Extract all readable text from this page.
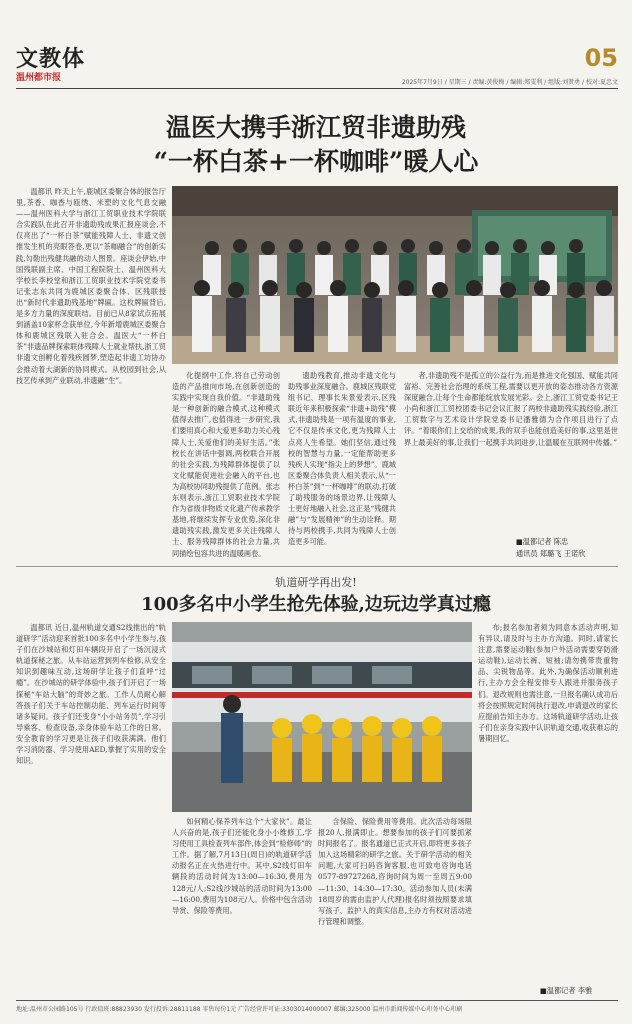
文教体
温州都市报
05
2025年7月9日 / 星期三 / 责编:黄俊梅 / 编辑:郑雯利 / 组版:刘贤勇 / 校对:夏忠文
温医大携手浙江贸非遗助残
“一杯白茶+一杯咖啡”暖人心

温都讯 昨天上午,鹿城区委聚合体的报告厅里,茶香、咖香与瓯绣、米塑的文化气息交融——温州医科大学与浙江工贸职业技术学院联合实践队在此召开非遗助残成果汇报座谈会,不仅亮出了“一杯白茶”赋能残障人士、非遗文创推发生机的亮眼答卷,更以“茶咖融合”的创新实践,勾勒出残健共融的动人图景。座谈会伊始,中国残联副主席、中国工程院院士、温州医科大学校长李校堂和浙江工贸职业技术学院党委书记张志东共同为鹿城区委聚合体、区残联授出“新时代非遗助残基地”牌匾。这枚牌匾背后,是多方力量的深度联结。目前已从8家试点拓展到涵盖10家杯念获单位,今年新增鹿城区委聚合体和鹿城区残联入驻合会。温医大“一杯白茶”非遗品牌探索联体残障人士就业帮扶,浙工贸非遗文创孵化着残疾圆梦,塑造起非遗工坊协办会推动着大湖新的协同模式。从校园到社会,从技艺传承到产业联动,非遗融“生”。

化提纲中工作,将自己劳动创造的产品推向市场,在创新创造的实践中实现自我价值。“非遗助残是一种创新的融合模式,这种模式值得去推广,也值得进一步研究,我们要用真心和大爱更多助力关心残障人士,关爱他们的美好生活。”张校长在讲话中强调,两校联合开展的社会实践,为残障群体提供了以文化赋能促进社会融入的平台,也为高校协同助残提供了范例。张志东则表示,浙江工贸职业技术学院作为省级非物质文化遗产传承教学基地,将继续发挥专业优势,深化非遗助残实践,激发更多关注残障人士、服务残障群体的社会力量,共同描绘包容共进的温暖画卷。

遗助残教育,推动非遗文化与助残事业深度融合。鹿城区残联党组书记、理事长朱景爱表示,区残联近年来积极探索“非遗+助残”模式,非遗助残是一项有温度的事业,它不仅是传承文化,更为残障人士点亮人生希望。她们坚信,通过残校的智慧与力量,一定能帮助更多残疾人实现“指尖上的梦想”。鹿城区委聚合体负责人相关表示,从“一杯白茶”到“一杯咖啡”的联动,打破了助残服务的场景边界,让残障人士更好地融入社会,这正是“残健共融”与“发展精神”的生动诠释。期待与两校携手,共同为残障人士创造更多可能。

者,非遗助残不是孤立的公益行为,而是推进文化强国、赋能共同富裕、完善社会治理的系统工程,需要以更开放的姿态推动各方资源深度融合,让每个生命都能绽放发展光彩。会上,浙江工贸党委书记王小尚和浙江工贸校团委书记会议汇报了两校非遗助残实践经验,浙江工贸数字与艺术设计学院党委书记潘雅德为合作项目进行了点评。“着眼你们上交给的成果,我的双手也能创造美好的事,这里是世界上最美好的事,让我们一起携手共同进步,让温暖在互联网中传播。”

■温都记者 陈忠
通讯员 郑璐飞 王诺欣
轨道研学再出发!
100多名中小学生抢先体验,边玩边学真过瘾

温都讯 近日,温州轨道交通S2线推出的“轨道研学”活动迎来首批100多名中小学生参与,孩子们在沙城站和灯田车辆段开启了一场沉浸式轨道探秘之旅。从车站运营到列车检修,从安全知识到趣味互动,这场研学让孩子们直呼“过瘾”。在沙城站的研学体验中,孩子们开启了一场探秘“车站大脑”的奇妙之旅。工作人员耐心解答孩子们关于车站控制功能、列车运行时间等诸多疑问。孩子们还变身“小小站务员”,学习引导乘客、检查设备,亲身体验车站工作的日常。安全教育的学习更是让孩子们收获满满。他们学习消防器、学习使用AED,掌握了实用的安全知识。

如何精心保养列车这个“大家伙”。最让人兴奋的是,孩子们还能化身小小维修工,学习使用工具检查列车部件,体会到“检修师”的工作。据了解,7月13日(周日)的轨道研学活动报名正在火热进行中。其中,S2线灯田车辆段的活动时间为13:00—16:30,费用为128元/人;S2线沙城站的活动时间为13:00—16:00,费用为108元/人。价格中包含活动导赏、保险等费用。

含保险、保险费用等费用。此次活动每场限报20人,报满即止。想要参加的孩子们可要抓紧时间报名了。报名通道已正式开启,即将更多孩子加入这场精彩的研学之旅。关于研学活动的相关问题,大家可扫码咨询客服,也可致电咨询电话0577-89727268,咨询时间为周一至周五9:00—11:30、14:30—17:30。活动参加人员(未满18周岁的需由监护人代理)报名时须按照要求填写孩子、监护人的真实信息,主办方有权对活动进行管理和调整。

布;报名参加者须为同意本活动声明,知有异议,请及时与主办方沟通。同时,请家长注意,需要运动鞋(参加户外活动需要穿防滑运动鞋),运动长裤、短袖;请勿携带贵重物品、尖锐物品等。此外,为确保活动顺利进行,主办方会全程安排专人跟进并服务孩子们。退改规则也需注意,一旦报名确认成功后将会按照规定时间执行退改,申请退改的家长应提前告知主办方。这场轨道研学活动,让孩子们在亲身实践中认识轨道交通,收获难忘的暑期回忆。

■温都记者 李雅
地址:温州市公园路105号 行政值班:88823930 发行投诉:28811188 零售每份1元 广告经营许可证:3303014000007 邮编:325000 温州市新闻传媒中心印务中心印刷
